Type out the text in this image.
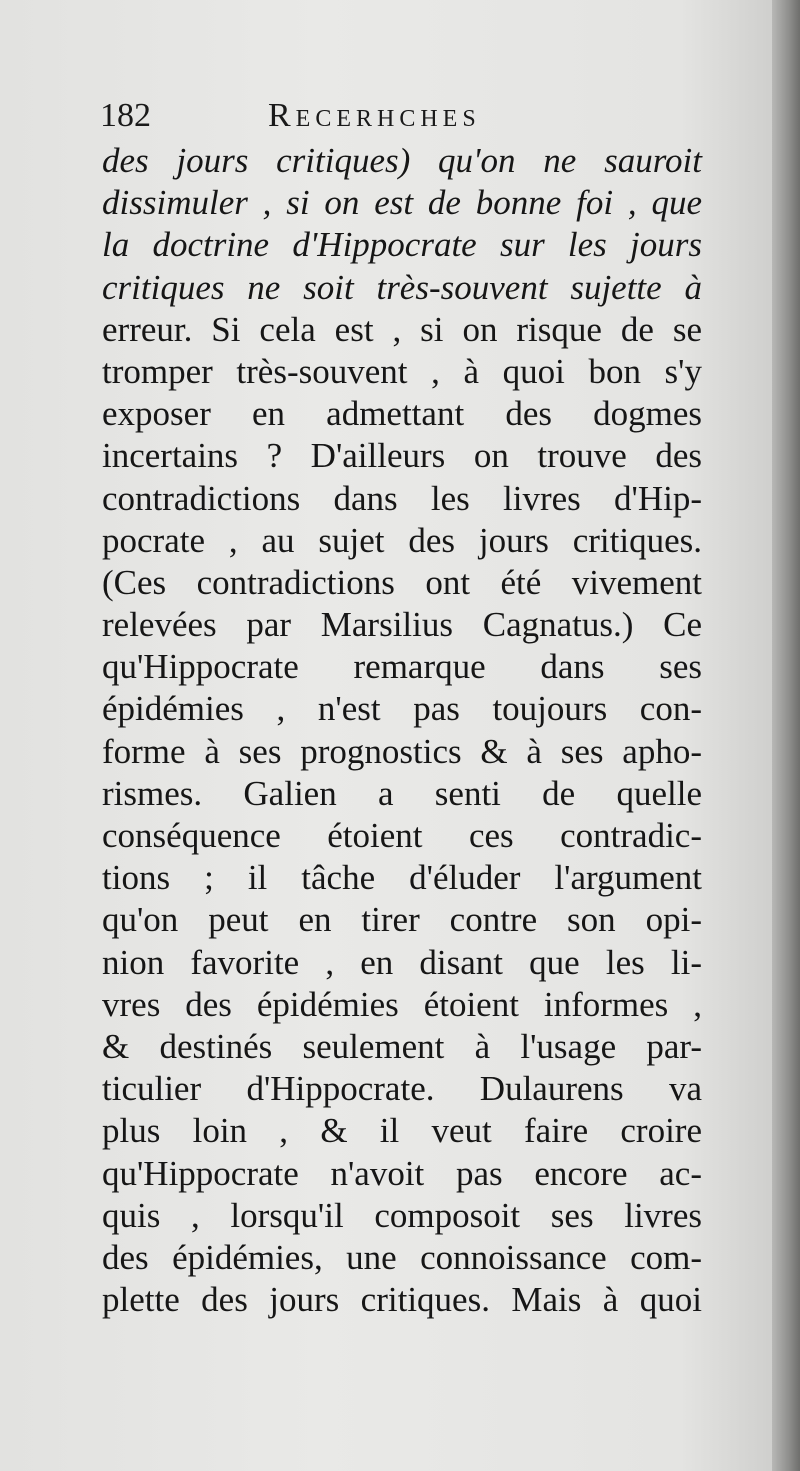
182	Recerhches
des jours critiques) qu'on ne sauroit
dissimuler , si on est de bonne foi , que
la doctrine d'Hippocrate sur les jours
critiques ne soit très-souvent sujette à
erreur. Si cela est , si on risque de se
tromper très-souvent , à quoi bon s'y
exposer en admettant des dogmes
incertains ? D'ailleurs on trouve des
contradictions dans les livres d'Hip-
pocrate , au sujet des jours critiques.
(Ces contradictions ont été vivement
relevées par Marsilius Cagnatus.) Ce
qu'Hippocrate remarque dans ses
épidémies , n'est pas toujours con-
forme à ses prognostics & à ses apho-
rismes. Galien a senti de quelle
conséquence étoient ces contradic-
tions ; il tâche d'éluder l'argument
qu'on peut en tirer contre son opi-
nion favorite , en disant que les li-
vres des épidémies étoient informes ,
& destinés seulement à l'usage par-
ticulier d'Hippocrate. Dulaurens va
plus loin , & il veut faire croire
qu'Hippocrate n'avoit pas encore ac-
quis , lorsqu'il composoit ses livres
des épidémies, une connoissance com-
plette des jours critiques. Mais à quoi
